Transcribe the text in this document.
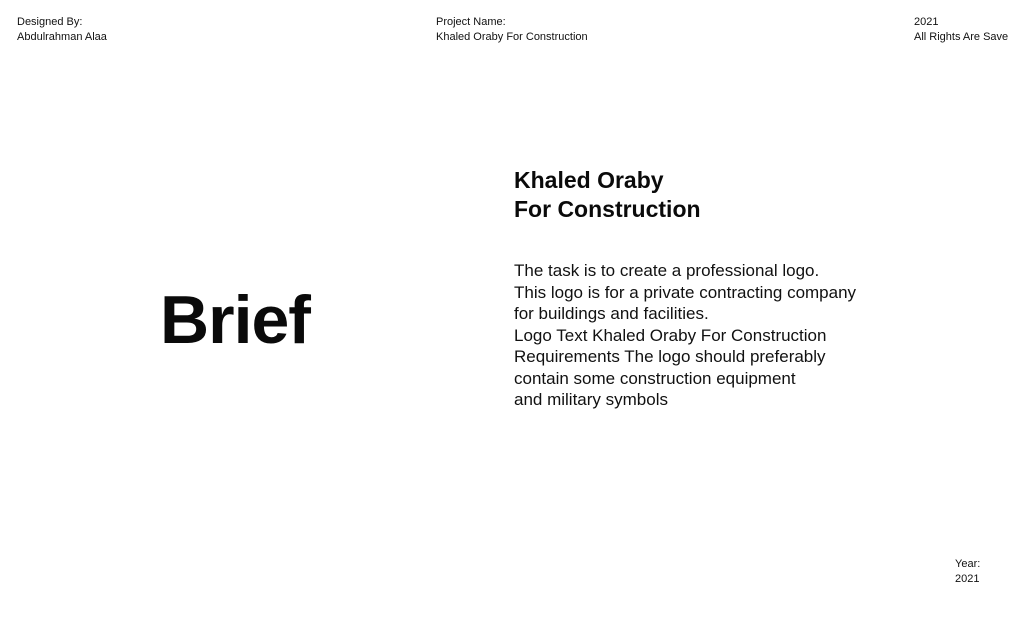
Designed By:
Abdulrahman Alaa
Project Name:
Khaled Oraby For Construction
2021
All Rights Are Save
Brief
Khaled Oraby
For Construction
The task is to create a professional logo.
This logo is for a private contracting company
for buildings and facilities.
Logo Text Khaled Oraby For Construction
Requirements The logo should preferably
contain some construction equipment
and military symbols
Year:
2021
